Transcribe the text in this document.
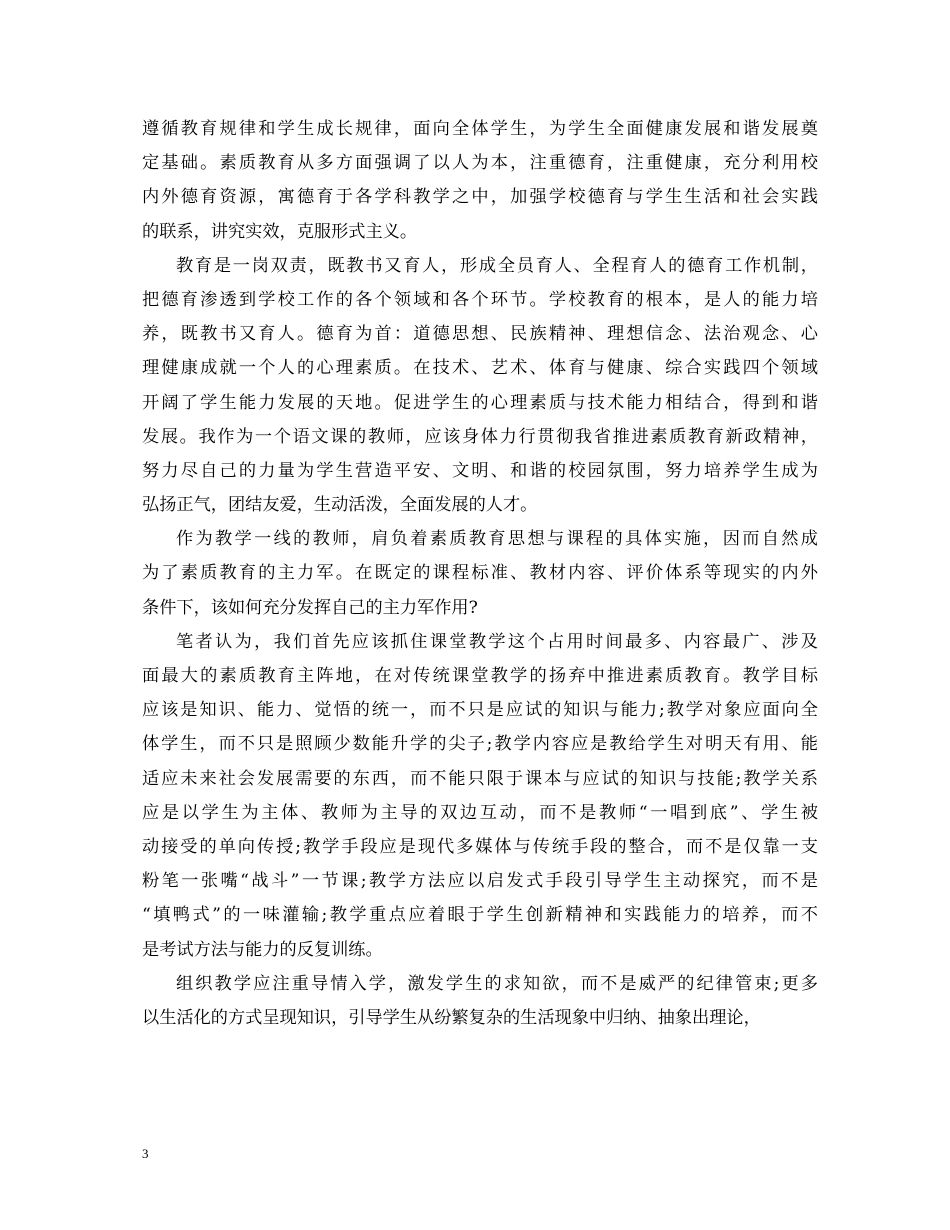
遵循教育规律和学生成长规律，面向全体学生，为学生全面健康发展和谐发展奠
定基础。素质教育从多方面强调了以人为本，注重德育，注重健康，充分利用校
内外德育资源，寓德育于各学科教学之中，加强学校德育与学生生活和社会实践
的联系，讲究实效，克服形式主义。
教育是一岗双责，既教书又育人，形成全员育人、全程育人的德育工作机制，
把德育渗透到学校工作的各个领域和各个环节。学校教育的根本，是人的能力培
养，既教书又育人。德育为首：道德思想、民族精神、理想信念、法治观念、心
理健康成就一个人的心理素质。在技术、艺术、体育与健康、综合实践四个领域
开阔了学生能力发展的天地。促进学生的心理素质与技术能力相结合，得到和谐
发展。我作为一个语文课的教师，应该身体力行贯彻我省推进素质教育新政精神，
努力尽自己的力量为学生营造平安、文明、和谐的校园氛围，努力培养学生成为
弘扬正气，团结友爱，生动活泼，全面发展的人才。
作为教学一线的教师，肩负着素质教育思想与课程的具体实施，因而自然成
为了素质教育的主力军。在既定的课程标准、教材内容、评价体系等现实的内外
条件下，该如何充分发挥自己的主力军作用?
笔者认为，我们首先应该抓住课堂教学这个占用时间最多、内容最广、涉及
面最大的素质教育主阵地，在对传统课堂教学的扬弃中推进素质教育。教学目标
应该是知识、能力、觉悟的统一，而不只是应试的知识与能力;教学对象应面向全
体学生，而不只是照顾少数能升学的尖子;教学内容应是教给学生对明天有用、能
适应未来社会发展需要的东西，而不能只限于课本与应试的知识与技能;教学关系
应是以学生为主体、教师为主导的双边互动，而不是教师“一唱到底”、学生被
动接受的单向传授;教学手段应是现代多媒体与传统手段的整合，而不是仅靠一支
粉笔一张嘴“战斗”一节课;教学方法应以启发式手段引导学生主动探究，而不是
“填鸭式”的一味灌输;教学重点应着眼于学生创新精神和实践能力的培养，而不
是考试方法与能力的反复训练。
组织教学应注重导情入学，激发学生的求知欲，而不是威严的纪律管束;更多
以生活化的方式呈现知识，引导学生从纷繁复杂的生活现象中归纳、抽象出理论，
3
